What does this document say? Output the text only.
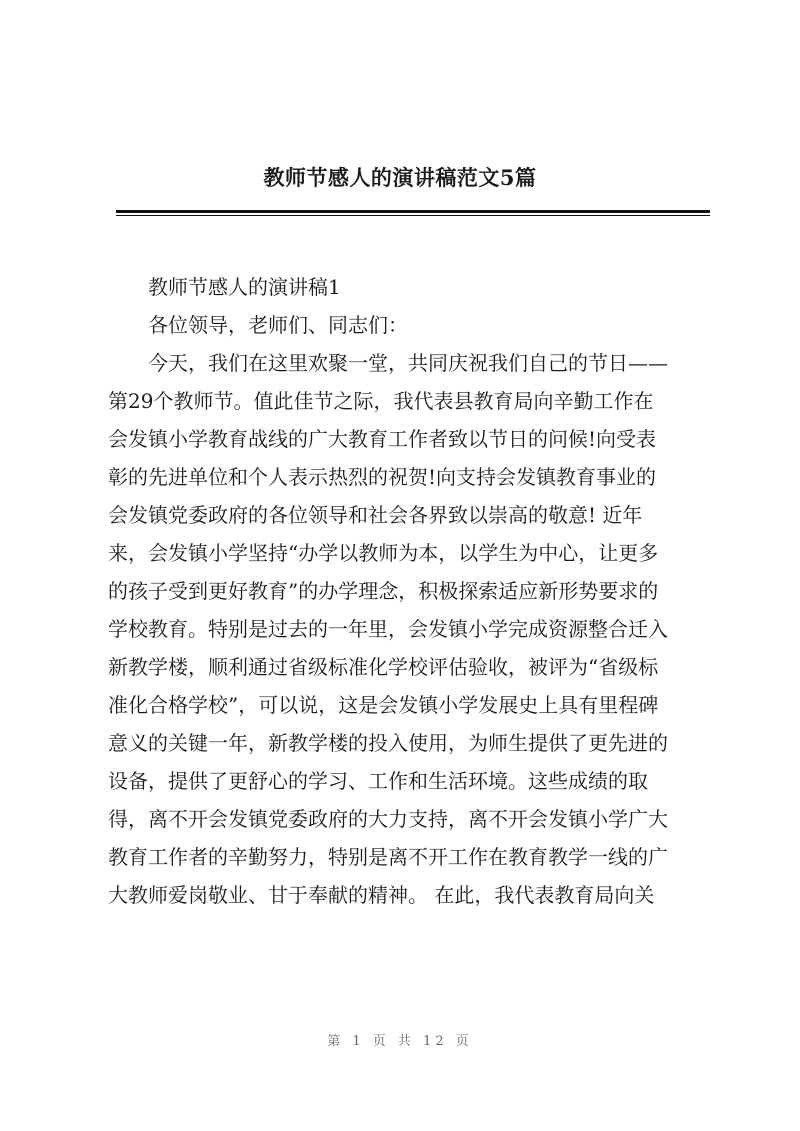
教师节感人的演讲稿范文5篇
教师节感人的演讲稿1
各位领导，老师们、同志们：
今天，我们在这里欢聚一堂，共同庆祝我们自己的节日——
第29个教师节。值此佳节之际，我代表县教育局向辛勤工作在
会发镇小学教育战线的广大教育工作者致以节日的问候!向受表
彰的先进单位和个人表示热烈的祝贺!向支持会发镇教育事业的
会发镇党委政府的各位领导和社会各界致以崇高的敬意! 近年
来，会发镇小学坚持“办学以教师为本，以学生为中心，让更多
的孩子受到更好教育”的办学理念，积极探索适应新形势要求的
学校教育。特别是过去的一年里，会发镇小学完成资源整合迁入
新教学楼，顺利通过省级标准化学校评估验收，被评为“省级标
准化合格学校”，可以说，这是会发镇小学发展史上具有里程碑
意义的关键一年，新教学楼的投入使用，为师生提供了更先进的
设备，提供了更舒心的学习、工作和生活环境。这些成绩的取
得，离不开会发镇党委政府的大力支持，离不开会发镇小学广大
教育工作者的辛勤努力，特别是离不开工作在教育教学一线的广
大教师爱岗敬业、甘于奉献的精神。 在此，我代表教育局向关
第 1 页 共 12 页
